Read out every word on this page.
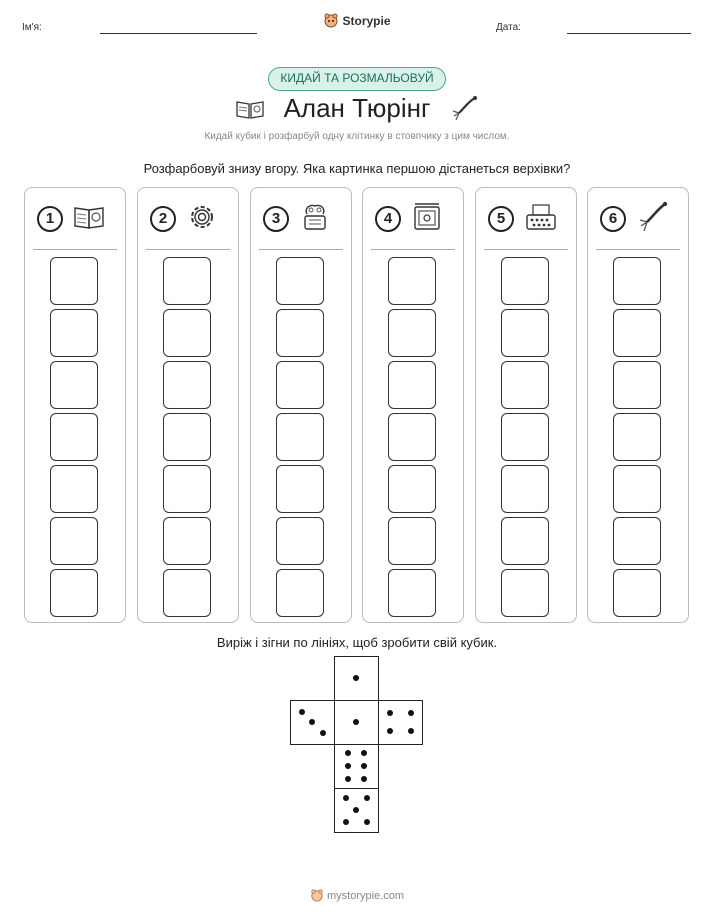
Ім'я:	Storypie	Дата:
КИДАЙ ТА РОЗМАЛЬОВУЙ
Алан Тюрінг
Кидай кубик і розфарбуй одну клітинку в стовпчику з цим числом.
Розфарбовуй знизу вгору. Яка картинка першою дістанеться верхівки?
1	2	3	4	5	6
Виріж і зігни по лініях, щоб зробити свій кубик.
mystorypie.com
